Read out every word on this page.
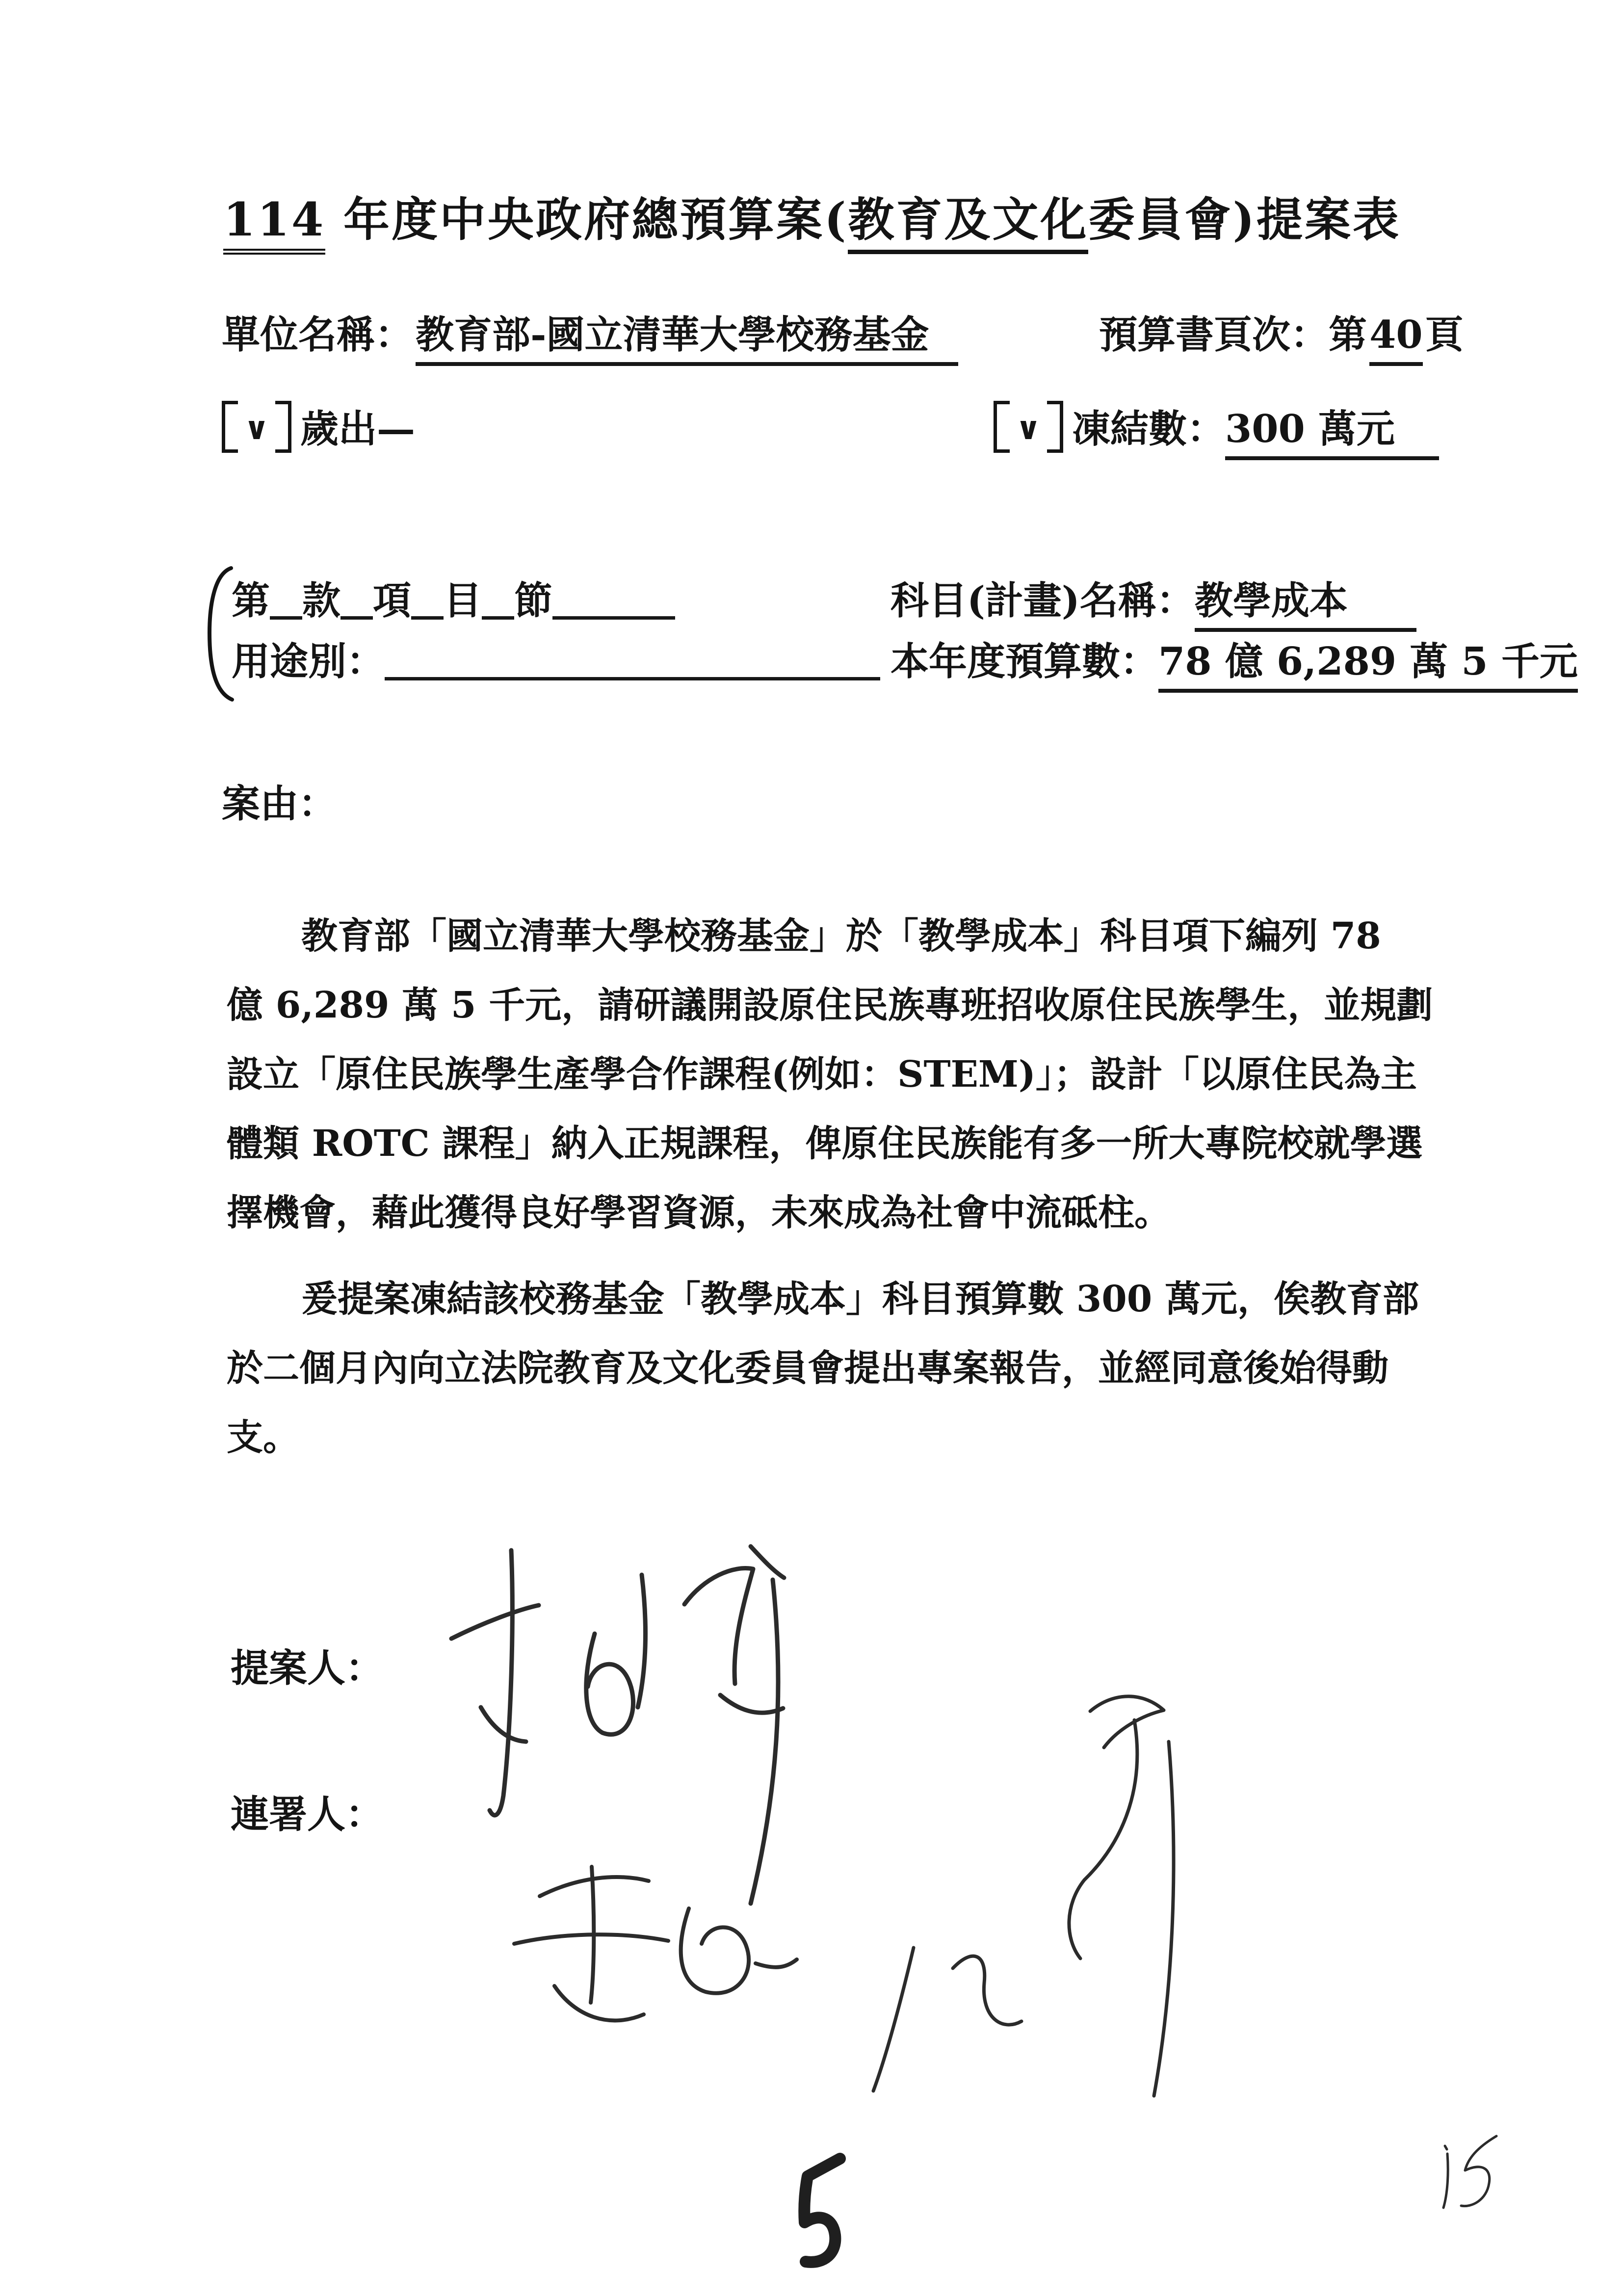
114 年度中央政府總預算案(教育及文化委員會)提案表
單位名稱： 教育部-國立清華大學校務基金	預算書頁次：第 40 頁
∨ 歲出—	∨ 凍結數：300 萬元
第 款 項 目 節	科目(計畫)名稱：教學成本
用途別：	本年度預算數：78 億 6,289 萬 5 千元
案由：
教育部「國立清華大學校務基金」於「教學成本」科目項下編列 78
億 6,289 萬 5 千元，請研議開設原住民族專班招收原住民族學生，並規劃
設立「原住民族學生產學合作課程(例如：STEM)」；設計「以原住民為主
體類 ROTC 課程」納入正規課程，俾原住民族能有多一所大專院校就學選
擇機會，藉此獲得良好學習資源，未來成為社會中流砥柱。
爰提案凍結該校務基金「教學成本」科目預算數 300 萬元，俟教育部
於二個月內向立法院教育及文化委員會提出專案報告，並經同意後始得動
支。
提案人：
連署人：
